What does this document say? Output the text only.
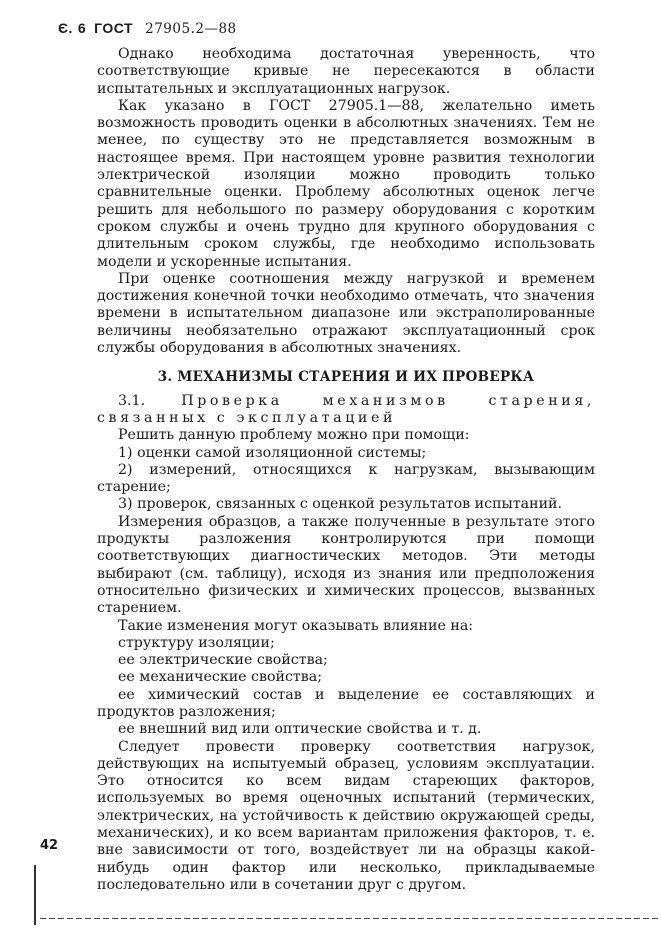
Є. 6 ГОСТ 27905.2—88

Однако необходима достаточная уверенность, что соответствующие кривые не пересекаются в области испытательных и эксплуатационных нагрузок.

Как указано в ГОСТ 27905.1—88, желательно иметь возможность проводить оценки в абсолютных значениях. Тем не менее, по существу это не представляется возможным в настоящее время. При настоящем уровне развития технологии электрической изоляции можно проводить только сравнительные оценки. Проблему абсолютных оценок легче решить для небольшого по размеру оборудования с коротким сроком службы и очень трудно для крупного оборудования с длительным сроком службы, где необходимо использовать модели и ускоренные испытания.

При оценке соотношения между нагрузкой и временем достижения конечной точки необходимо отмечать, что значения времени в испытательном диапазоне или экстраполированные величины необязательно отражают эксплуатационный срок службы оборудования в абсолютных значениях.

3. МЕХАНИЗМЫ СТАРЕНИЯ И ИХ ПРОВЕРКА

3.1.	Проверка механизмов старения, связанных с эксплуатацией

Решить данную проблему можно при помощи:

1) оценки самой изоляционной системы;

2) измерений, относящихся к нагрузкам, вызывающим старение;

3) проверок, связанных с оценкой результатов испытаний.

Измерения образцов, а также полученные в результате этого продукты разложения контролируются при помощи соответствующих диагностических методов. Эти методы выбирают (см. таблицу), исходя из знания или предположения относительно физических и химических процессов, вызванных старением.

Такие изменения могут оказывать влияние на:

структуру изоляции;

ее электрические свойства;

ее механические свойства;

ее химический состав и выделение ее составляющих и продуктов разложения;

ее внешний вид или оптические свойства и т. д.

Следует провести проверку соответствия нагрузок, действующих на испытуемый образец, условиям эксплуатации. Это относится ко всем видам стареющих факторов, используемых во время оценочных испытаний (термических, электрических, на устойчивость к действию окружающей среды, механических), и ко всем вариантам приложения факторов, т. е. вне зависимости от того, воздействует ли на образцы какой-нибудь один фактор или несколько, прикладываемые последовательно или в сочетании друг с другом.

42
